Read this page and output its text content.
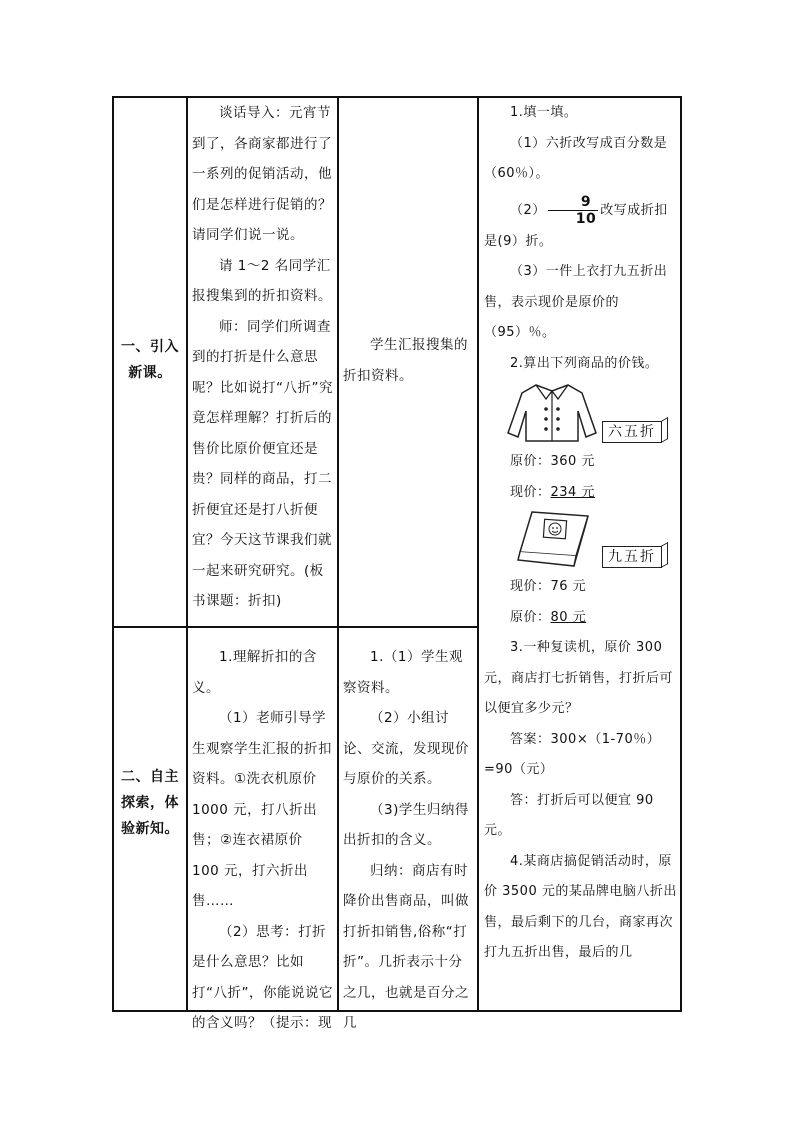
一、引入新课。

谈话导入：元宵节到了，各商家都进行了一系列的促销活动，他们是怎样进行促销的？请同学们说一说。

请 1～2 名同学汇报搜集到的折扣资料。

师：同学们所调查到的打折是什么意思呢？比如说打“八折”究竟怎样理解？打折后的售价比原价便宜还是贵？同样的商品，打二折便宜还是打八折便宜？今天这节课我们就一起来研究研究。(板书课题：折扣)

学生汇报搜集的折扣资料。

二、自主探索，体验新知。

1.理解折扣的含义。

（1）老师引导学生观察学生汇报的折扣资料。①洗衣机原价 1000 元，打八折出售；②连衣裙原价 100 元，打六折出售……

（2）思考：打折是什么意思？比如打“八折”，你能说说它的含义吗？（提示：现

1.（1）学生观察资料。

（2）小组讨论、交流，发现现价与原价的关系。

（3)学生归纳得出折扣的含义。

归纳：商店有时降价出售商品，叫做打折扣销售,俗称“打折”。几折表示十分之几，也就是百分之几

1.填一填。

（1）六折改写成百分数是（60％）。

$(2) \frac{9}{10}$ 改写成折扣是(9）折。

（3）一件上衣打九五折出售，表示现价是原价的（95）％。

2.算出下列商品的价钱。

六五折

原价：360 元

现价：234 元

九五折

现价：76 元

原价：80 元

3.一种复读机，原价 300 元，商店打七折销售，打折后可以便宜多少元？

答案：300×（1-70％）=90（元）

答：打折后可以便宜 90 元。

4.某商店搞促销活动时，原价 3500 元的某品牌电脑八折出售，最后剩下的几台，商家再次打九五折出售，最后的几
